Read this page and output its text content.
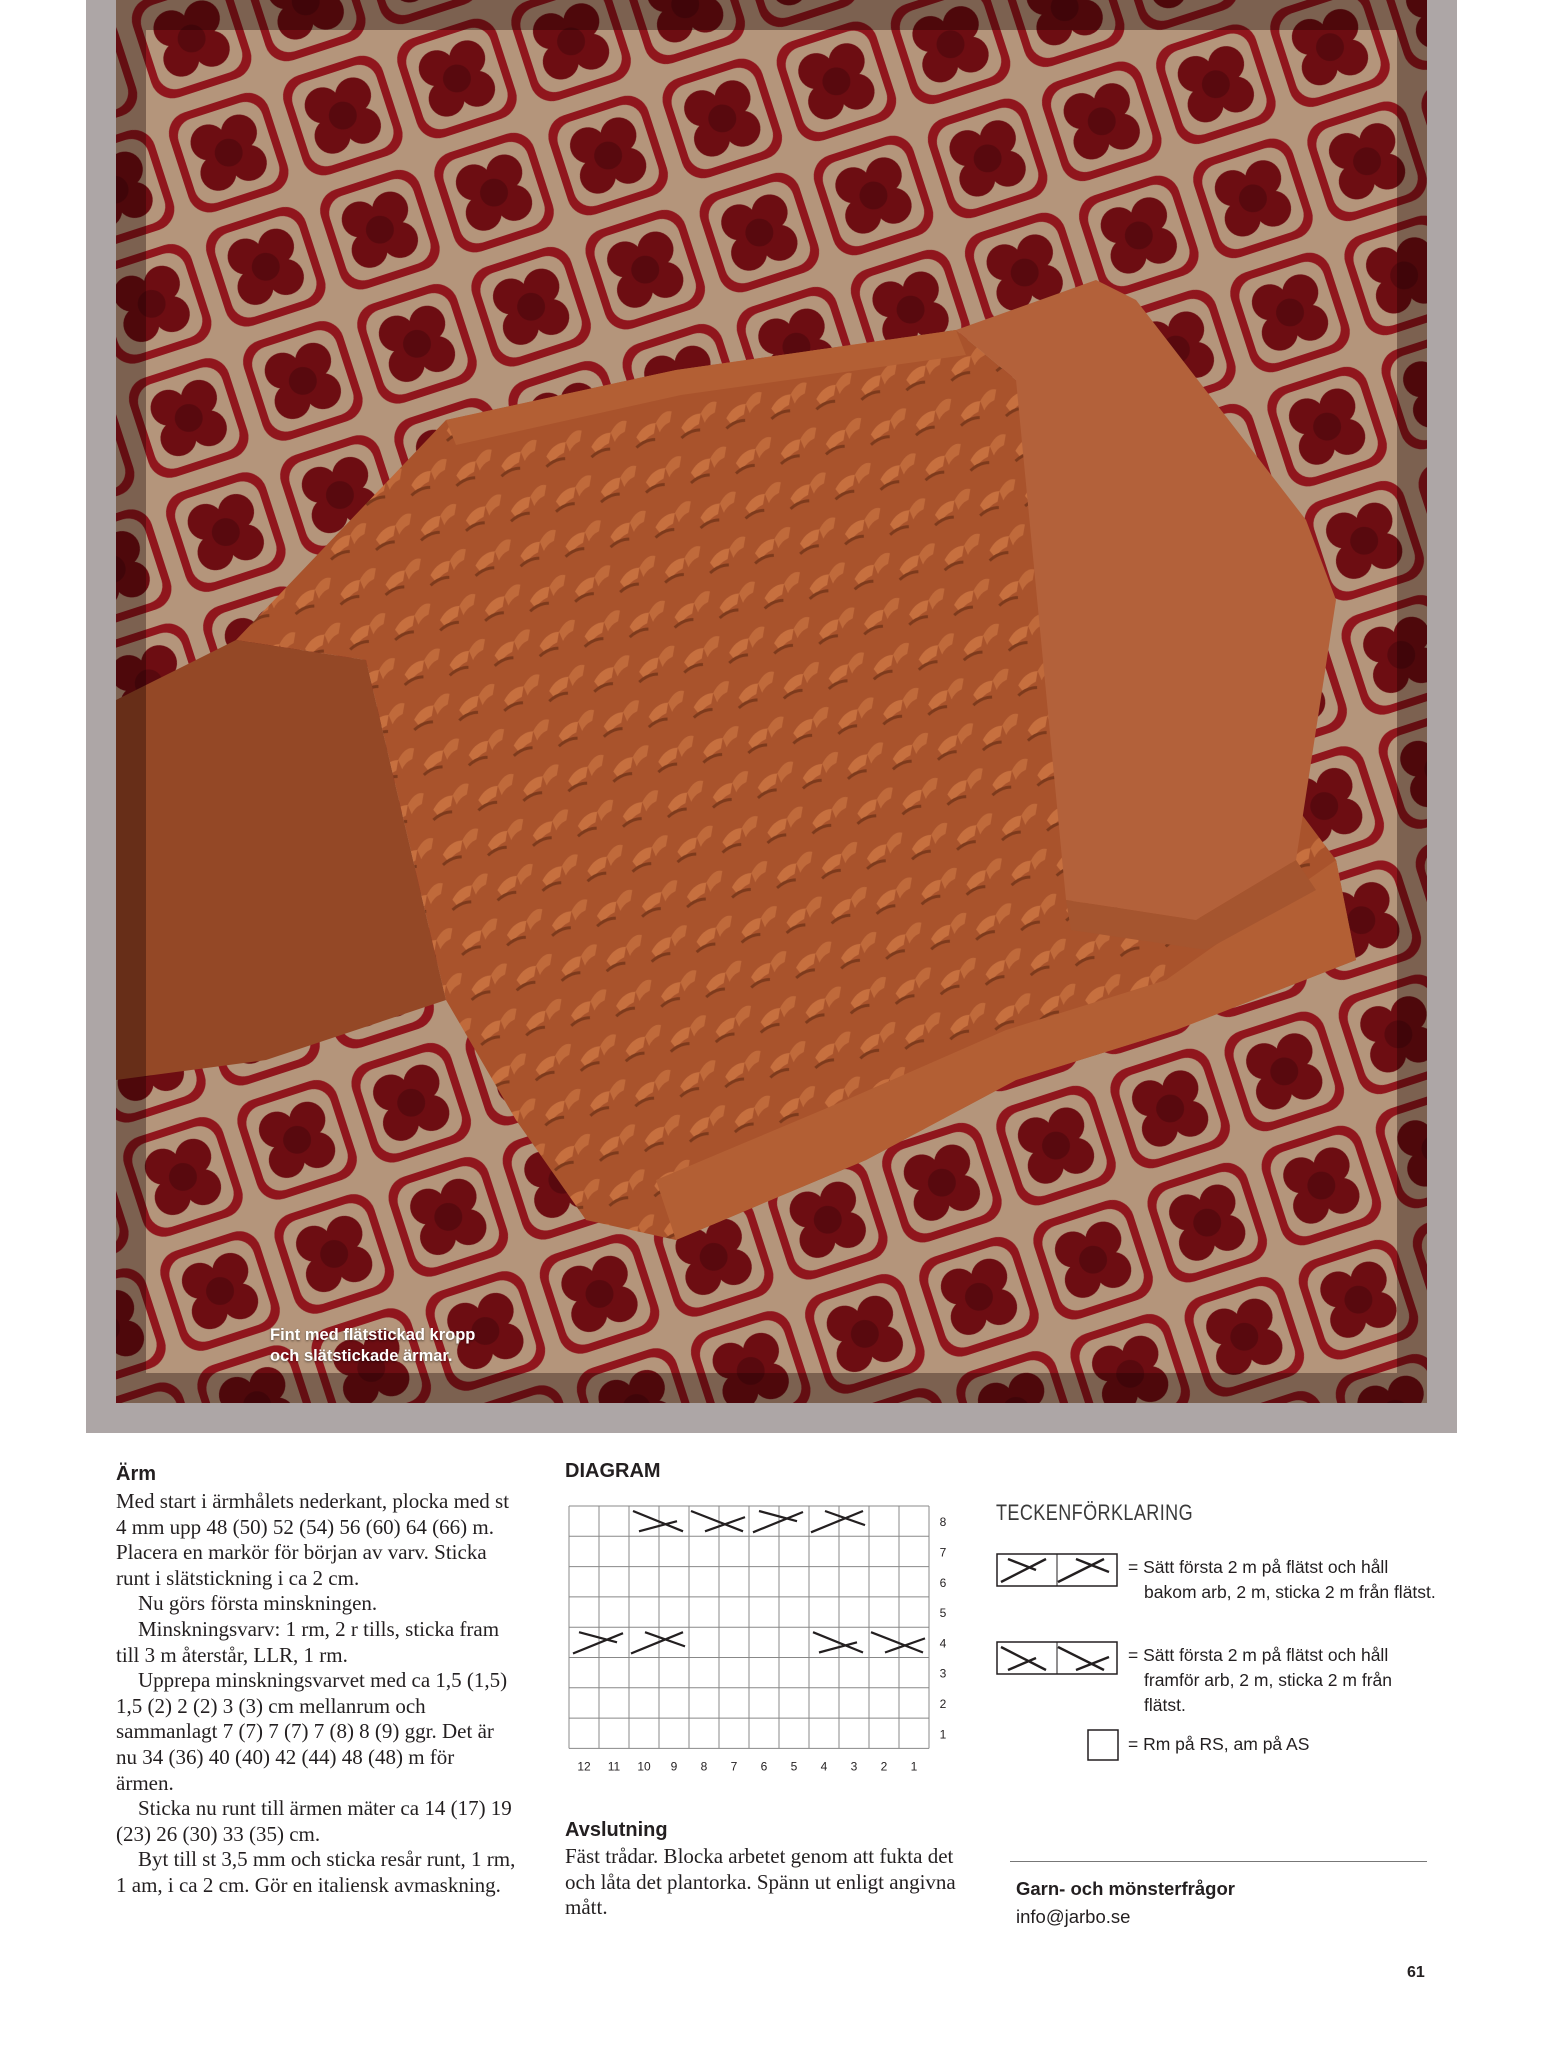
Fint med flätstickad kropp
och slätstickade ärmar.
Ärm

Med start i ärmhålets nederkant, plocka med st 4 mm upp 48 (50) 52 (54) 56 (60) 64 (66) m. Placera en markör för början av varv. Sticka runt i slätstickning i ca 2 cm.

Nu görs första minskningen.

Minskningsvarv: 1 rm, 2 r tills, sticka fram till 3 m återstår, LLR, 1 rm.

Upprepa minskningsvarvet med ca 1,5 (1,5) 1,5 (2) 2 (2) 3 (3) cm mellanrum och sammanlagt 7 (7) 7 (7) 7 (8) 8 (9) ggr. Det är nu 34 (36) 40 (40) 42 (44) 48 (48) m för ärmen.

Sticka nu runt till ärmen mäter ca 14 (17) 19 (23) 26 (30) 33 (35) cm.

Byt till st 3,5 mm och sticka resår runt, 1 rm, 1 am, i ca 2 cm. Gör en italiensk avmaskning.

DIAGRAM
12 11 10 9 8 7 6 5 4 3 2 1
8
7
6
5
4
3
2
1
Avslutning
Fäst trådar. Blocka arbetet genom att fukta det och låta det plantorka. Spänn ut enligt angivna mått.
TECKENFÖRKLARING
= Sätt första 2 m på flätst och håll bakom arb, 2 m, sticka 2 m från flätst.
= Sätt första 2 m på flätst och håll framför arb, 2 m, sticka 2 m från flätst.
= Rm på RS, am på AS
Garn- och mönsterfrågor
info@jarbo.se
61
